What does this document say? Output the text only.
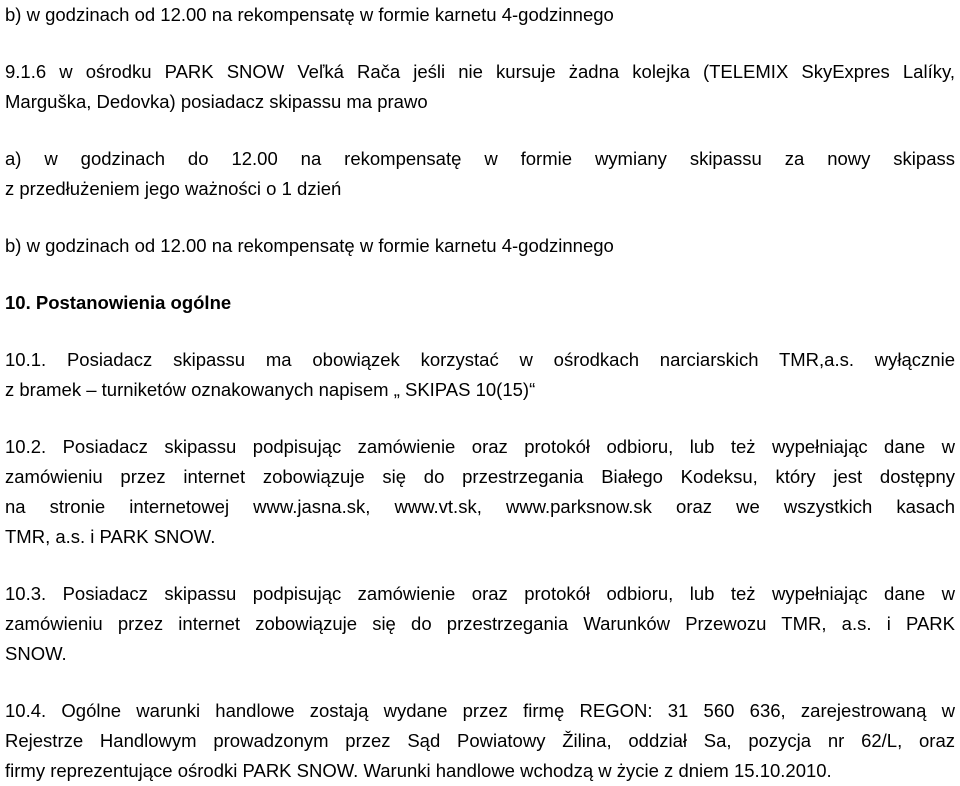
b) w godzinach od 12.00 na rekompensatę w formie karnetu 4-godzinnego

9.1.6 w ośrodku PARK SNOW Veľká Rača jeśli nie kursuje żadna kolejka (TELEMIX SkyExpres Lalíky,

Marguška, Dedovka) posiadacz skipassu ma prawo

a) w godzinach do 12.00 na rekompensatę w formie wymiany skipassu za nowy skipass

z przedłużeniem jego ważności o 1 dzień

b) w godzinach od 12.00 na rekompensatę w formie karnetu 4-godzinnego

10. Postanowienia ogólne

10.1. Posiadacz skipassu ma obowiązek korzystać w ośrodkach narciarskich TMR,a.s. wyłącznie

z bramek – turniketów oznakowanych napisem „ SKIPAS 10(15)“

10.2. Posiadacz skipassu podpisując zamówienie oraz protokół odbioru, lub też wypełniając dane w

zamówieniu przez internet zobowiązuje się do przestrzegania Białego Kodeksu, który jest dostępny

na stronie internetowej www.jasna.sk, www.vt.sk, www.parksnow.sk oraz we wszystkich kasach

TMR, a.s. i PARK SNOW.

10.3. Posiadacz skipassu podpisując zamówienie oraz protokół odbioru, lub też wypełniając dane w

zamówieniu przez internet zobowiązuje się do przestrzegania Warunków Przewozu TMR, a.s. i PARK

SNOW.

10.4. Ogólne warunki handlowe zostają wydane przez firmę REGON: 31 560 636, zarejestrowaną w

Rejestrze Handlowym prowadzonym przez Sąd Powiatowy Žilina, oddział Sa, pozycja nr 62/L, oraz

firmy reprezentujące ośrodki PARK SNOW. Warunki handlowe wchodzą w życie z dniem 15.10.2010.
